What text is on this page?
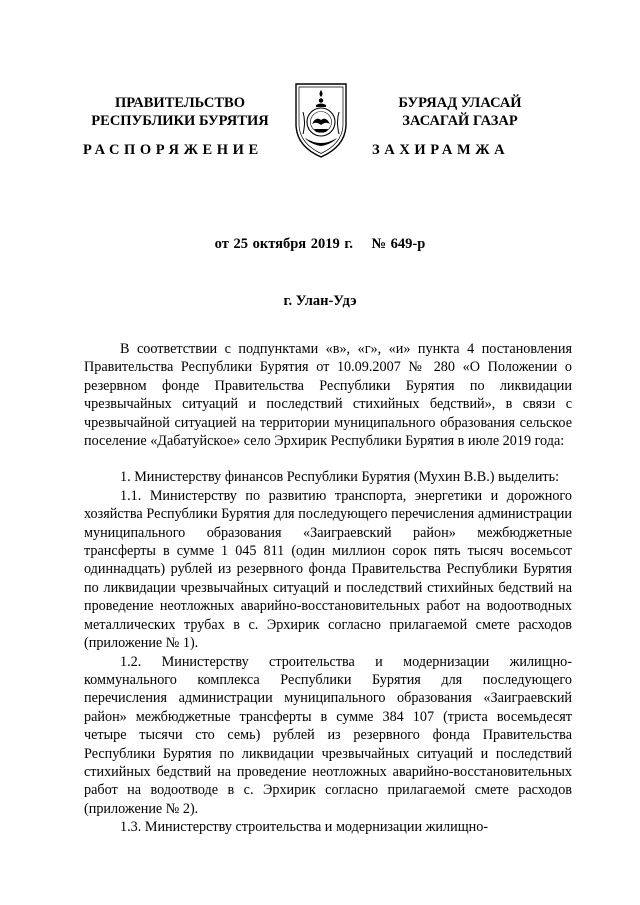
ПРАВИТЕЛЬСТВО
РЕСПУБЛИКИ БУРЯТИЯ
РАСПОРЯЖЕНИЕ
БУРЯАД УЛАСАЙ
ЗАСАГАЙ ГАЗАР
ЗАХИРАМЖА
от 25 октября 2019 г.    № 649-р
г. Улан-Удэ

В соответствии с подпунктами «в», «г», «и» пункта 4 постановления Правительства Республики Бурятия от 10.09.2007 № 280 «О Положении о резервном фонде Правительства Республики Бурятия по ликвидации чрезвычайных ситуаций и последствий стихийных бедствий», в связи с чрезвычайной ситуацией на территории муниципального образования сельское поселение «Дабатуйское» село Эрхирик Республики Бурятия в июле 2019 года:

1. Министерству финансов Республики Бурятия (Мухин В.В.) выделить:

1.1. Министерству по развитию транспорта, энергетики и дорожного хозяйства Республики Бурятия для последующего перечисления администрации муниципального образования «Заиграевский район» межбюджетные трансферты в сумме 1 045 811 (один миллион сорок пять тысяч восемьсот одиннадцать) рублей из резервного фонда Правительства Республики Бурятия по ликвидации чрезвычайных ситуаций и последствий стихийных бедствий на проведение неотложных аварийно-восстановительных работ на водоотводных металлических трубах в с. Эрхирик согласно прилагаемой смете расходов (приложение № 1).

1.2. Министерству строительства и модернизации жилищно-коммунального комплекса Республики Бурятия для последующего перечисления администрации муниципального образования «Заиграевский район» межбюджетные трансферты в сумме 384 107 (триста восемьдесят четыре тысячи сто семь) рублей из резервного фонда Правительства Республики Бурятия по ликвидации чрезвычайных ситуаций и последствий стихийных бедствий на проведение неотложных аварийно-восстановительных работ на водоотводе в с. Эрхирик согласно прилагаемой смете расходов (приложение № 2).

1.3. Министерству строительства и модернизации жилищно-
